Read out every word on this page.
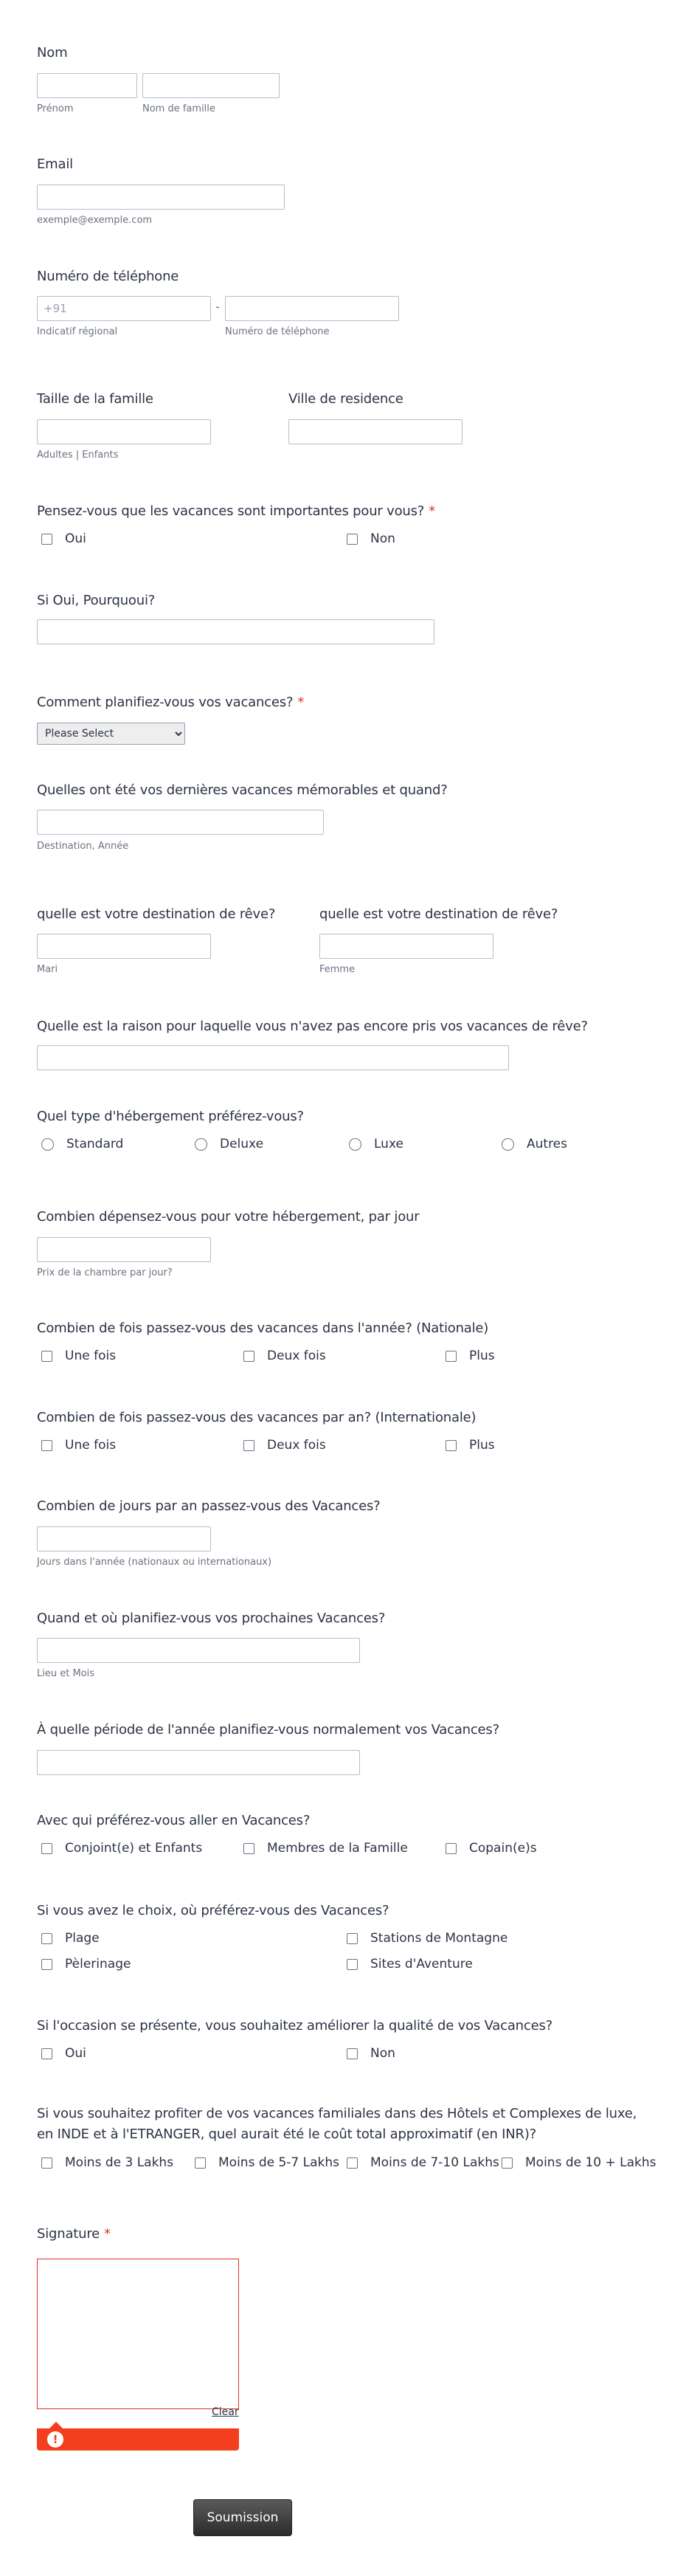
Nom
Prénom	Nom de famille
Email
exemple@exemple.com
Numéro de téléphone
+91
-
Indicatif régional	Numéro de téléphone
Taille de la famille	Ville de residence
Adultes | Enfants
Pensez-vous que les vacances sont importantes pour vous? *
Oui	Non
Si Oui, Pourquoui?
Comment planifiez-vous vos vacances? *
Please Select
Quelles ont été vos dernières vacances mémorables et quand?
Destination, Année
quelle est votre destination de rêve?	quelle est votre destination de rêve?
Mari	Femme
Quelle est la raison pour laquelle vous n'avez pas encore pris vos vacances de rêve?
Quel type d'hébergement préférez-vous?
Standard	Deluxe	Luxe	Autres
Combien dépensez-vous pour votre hébergement, par jour
Prix de la chambre par jour?
Combien de fois passez-vous des vacances dans l'année? (Nationale)
Une fois	Deux fois	Plus
Combien de fois passez-vous des vacances par an? (Internationale)
Une fois	Deux fois	Plus
Combien de jours par an passez-vous des Vacances?
Jours dans l'année (nationaux ou internationaux)
Quand et où planifiez-vous vos prochaines Vacances?
Lieu et Mois
À quelle période de l'année planifiez-vous normalement vos Vacances?
Avec qui préférez-vous aller en Vacances?
Conjoint(e) et Enfants	Membres de la Famille	Copain(e)s
Si vous avez le choix, où préférez-vous des Vacances?
Plage	Stations de Montagne
Pèlerinage	Sites d'Aventure
Si l'occasion se présente, vous souhaitez améliorer la qualité de vos Vacances?
Oui	Non
Si vous souhaitez profiter de vos vacances familiales dans des Hôtels et Complexes de luxe, en INDE et à l'ETRANGER, quel aurait été le coût total approximatif (en INR)?
Moins de 3 Lakhs	Moins de 5-7 Lakhs Moins de 7-10 Lakhs Moins de 10 + Lakhs
Signature *
Clear
!
Soumission
